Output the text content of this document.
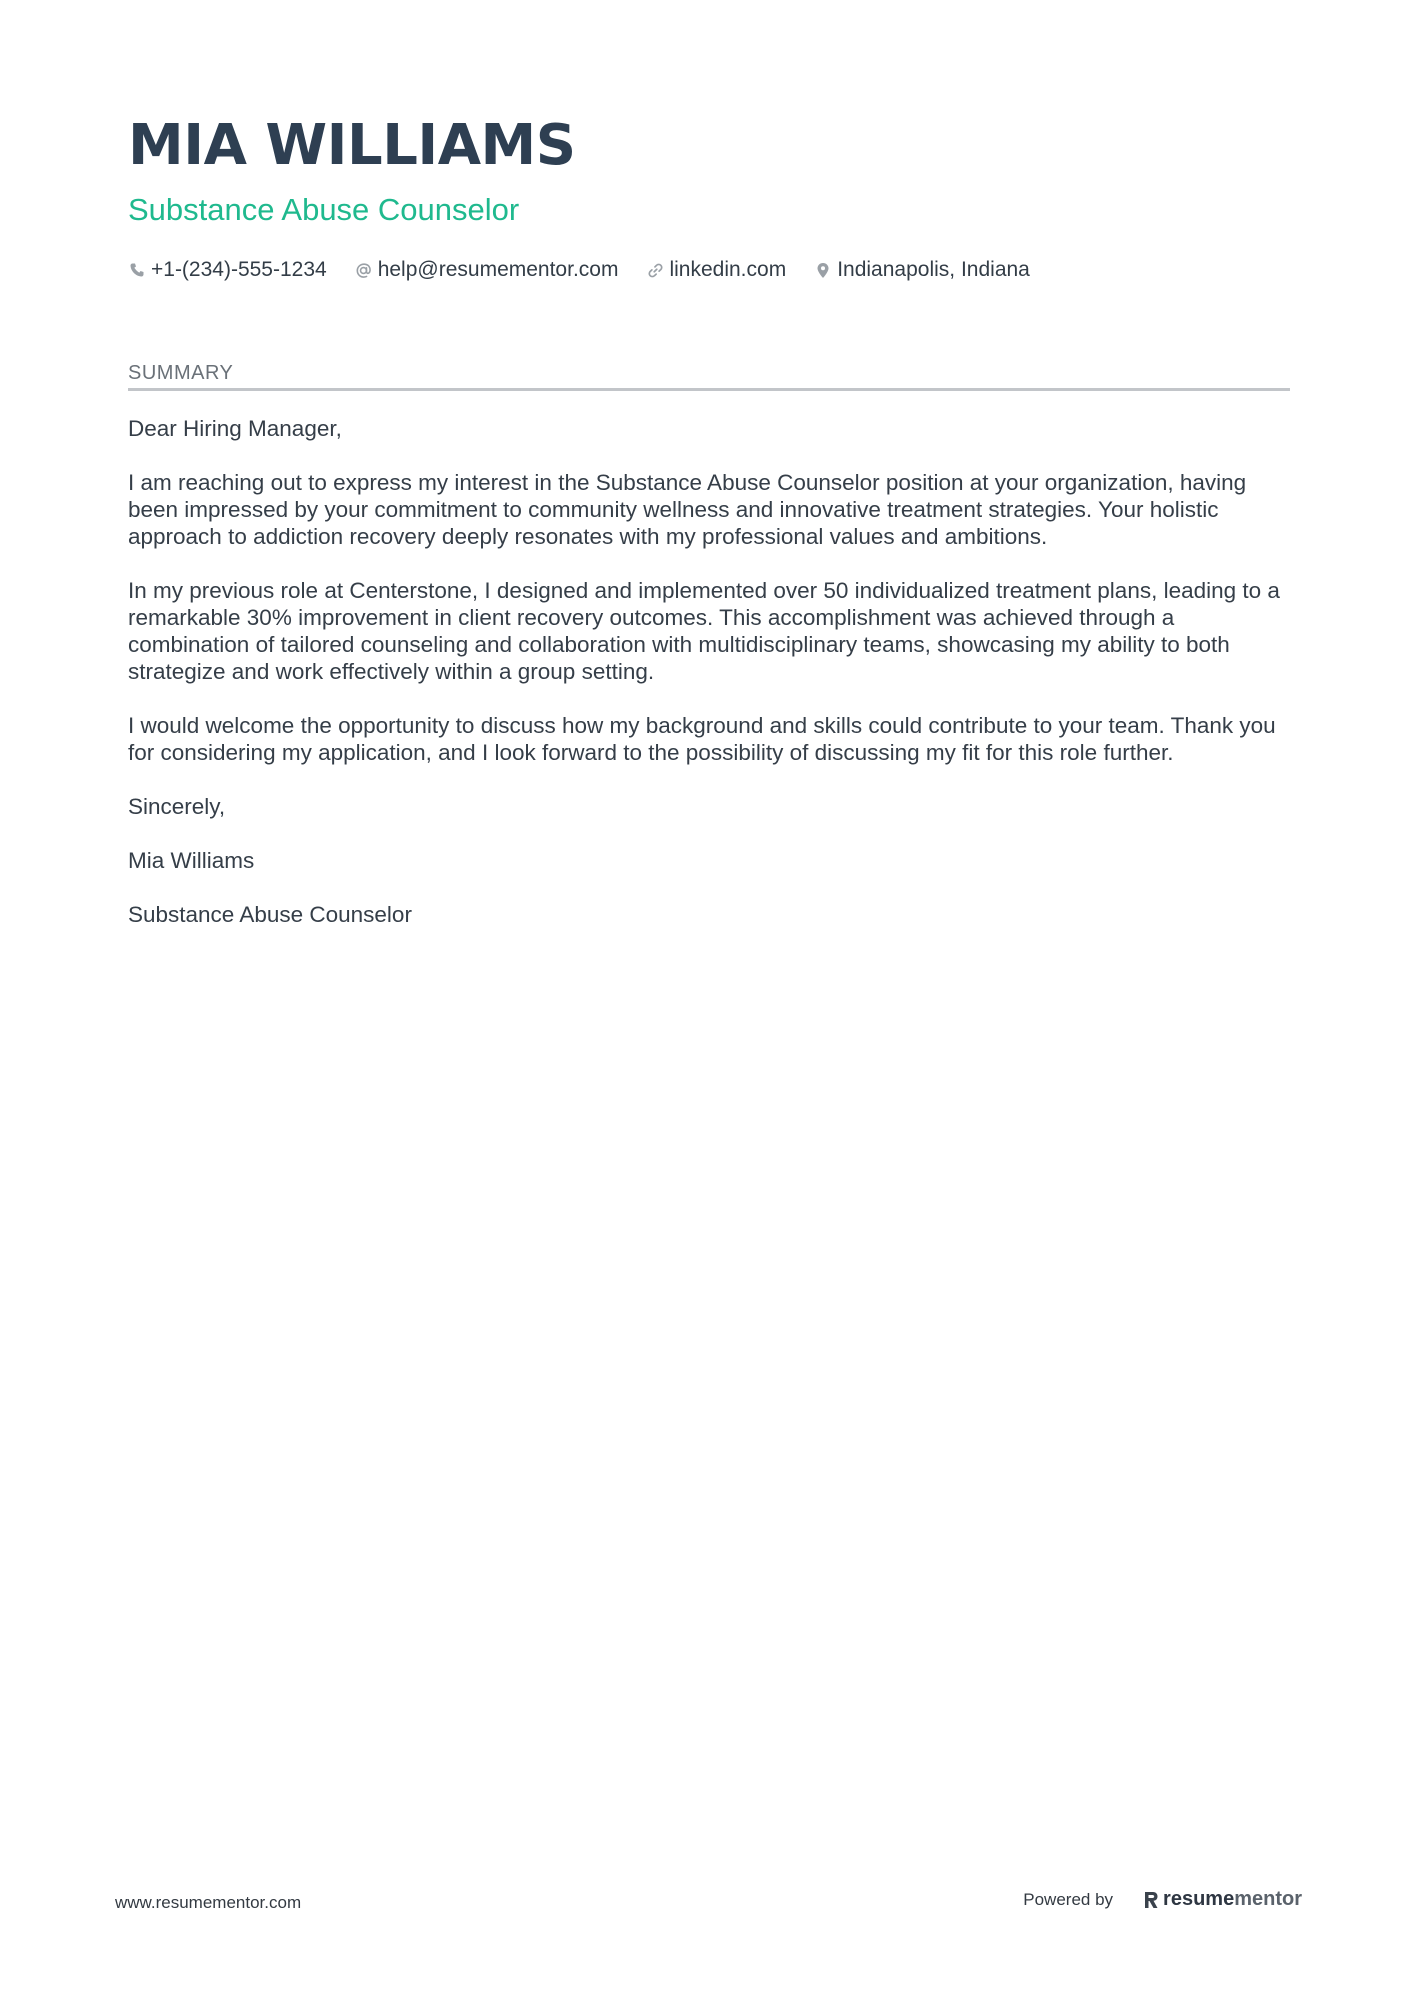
MIA WILLIAMS
Substance Abuse Counselor
+1-(234)-555-1234 help@resumementor.com linkedin.com Indianapolis, Indiana
SUMMARY

Dear Hiring Manager,

I am reaching out to express my interest in the Substance Abuse Counselor position at your organization, having been impressed by your commitment to community wellness and innovative treatment strategies. Your holistic approach to addiction recovery deeply resonates with my professional values and ambitions.

In my previous role at Centerstone, I designed and implemented over 50 individualized treatment plans, leading to a remarkable 30% improvement in client recovery outcomes. This accomplishment was achieved through a combination of tailored counseling and collaboration with multidisciplinary teams, showcasing my ability to both strategize and work effectively within a group setting.

I would welcome the opportunity to discuss how my background and skills could contribute to your team. Thank you for considering my application, and I look forward to the possibility of discussing my fit for this role further.

Sincerely,

Mia Williams

Substance Abuse Counselor

www.resumementor.com	Powered by	resume mentor
